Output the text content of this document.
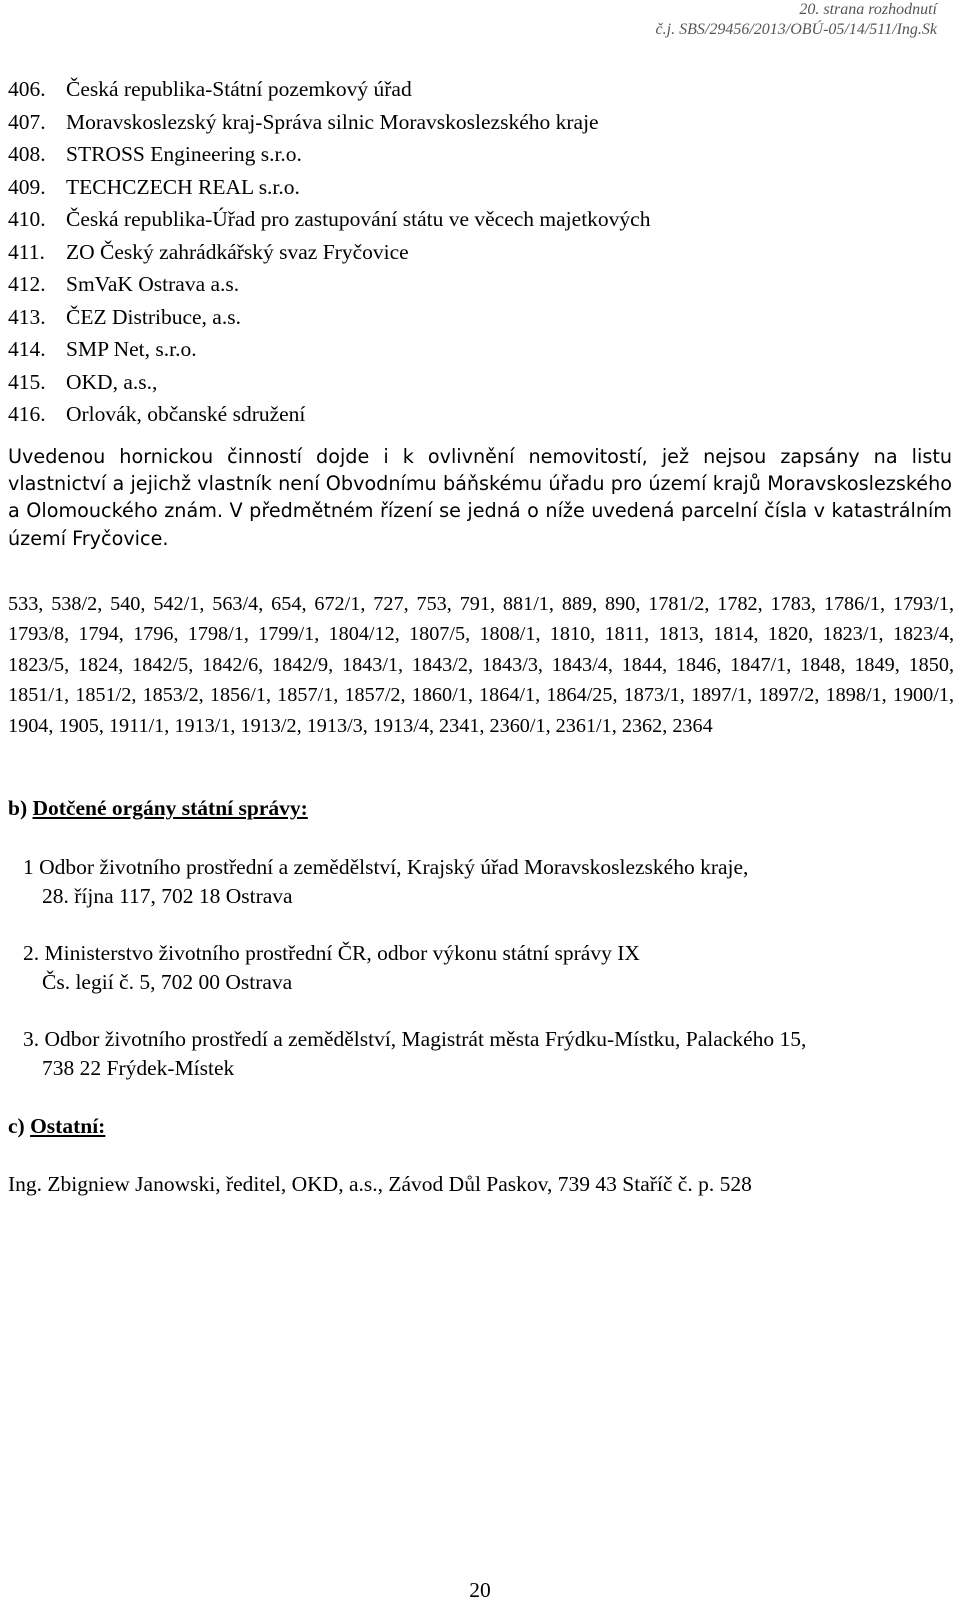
20. strana rozhodnutí
č.j. SBS/29456/2013/OBÚ-05/14/511/Ing.Sk
406. Česká republika-Státní pozemkový úřad
407. Moravskoslezský kraj-Správa silnic Moravskoslezského kraje
408. STROSS Engineering s.r.o.
409. TECHCZECH REAL s.r.o.
410. Česká republika-Úřad pro zastupování státu ve věcech majetkových
411. ZO Český zahrádkářský svaz Fryčovice
412. SmVaK Ostrava a.s.
413. ČEZ Distribuce, a.s.
414. SMP Net, s.r.o.
415. OKD, a.s.,
416. Orlovák, občanské sdružení

Uvedenou hornickou činností dojde i k ovlivnění nemovitostí, jež nejsou zapsány na listu vlastnictví a jejichž vlastník není Obvodnímu báňskému úřadu pro území krajů Moravskoslezského a Olomouckého znám. V předmětném řízení se jedná o níže uvedená parcelní čísla v katastrálním území Fryčovice.

533, 538/2, 540, 542/1, 563/4, 654, 672/1, 727, 753, 791, 881/1, 889, 890, 1781/2, 1782, 1783, 1786/1, 1793/1, 1793/8, 1794, 1796, 1798/1, 1799/1, 1804/12, 1807/5, 1808/1, 1810, 1811, 1813, 1814, 1820, 1823/1, 1823/4, 1823/5, 1824, 1842/5, 1842/6, 1842/9, 1843/1, 1843/2, 1843/3, 1843/4, 1844, 1846, 1847/1, 1848, 1849, 1850, 1851/1, 1851/2, 1853/2, 1856/1, 1857/1, 1857/2, 1860/1, 1864/1, 1864/25, 1873/1, 1897/1, 1897/2, 1898/1, 1900/1, 1904, 1905, 1911/1, 1913/1, 1913/2, 1913/3, 1913/4, 2341, 2360/1, 2361/1, 2362, 2364

b) Dotčené orgány státní správy:

1 Odbor životního prostřední a zemědělství, Krajský úřad Moravskoslezského kraje,
28. října 117, 702 18 Ostrava
2. Ministerstvo životního prostřední ČR, odbor výkonu státní správy IX
Čs. legií č. 5, 702 00 Ostrava
3. Odbor životního prostředí a zemědělství, Magistrát města Frýdku-Místku, Palackého 15,
738 22 Frýdek-Místek

c) Ostatní:

Ing. Zbigniew Janowski, ředitel, OKD, a.s., Závod Důl Paskov, 739 43 Staříč č. p. 528

20
